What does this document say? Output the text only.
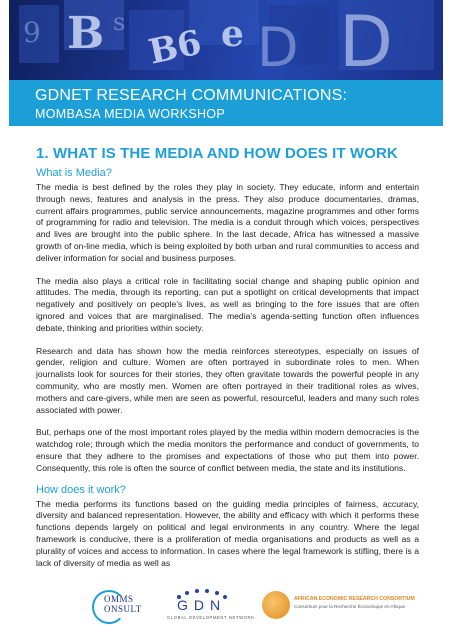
B B6 e D D
9	s
GDNET RESEARCH COMMUNICATIONS:
MOMBASA MEDIA WORKSHOP
1. WHAT IS THE MEDIA AND HOW DOES IT WORK
What is Media?

The media is best defined by the roles they play in society. They educate, inform and entertain through news, features and analysis in the press. They also produce documentaries, dramas, current affairs programmes, public service announcements, magazine programmes and other forms of programming for radio and television. The media is a conduit through which voices, perspectives and lives are brought into the public sphere. In the last decade, Africa has witnessed a massive growth of on-line media, which is being exploited by both urban and rural communities to access and deliver information for social and business purposes.

The media also plays a critical role in facilitating social change and shaping public opinion and attitudes. The media, through its reporting, can put a spotlight on critical developments that impact negatively and positively on people’s lives, as well as bringing to the fore issues that are often ignored and voices that are marginalised. The media’s agenda-setting function often influences debate, thinking and priorities within society.

Research and data has shown how the media reinforces stereotypes, especially on issues of gender, religion and culture. Women are often portrayed in subordinate roles to men. When journalists look for sources for their stories, they often gravitate towards the powerful people in any community, who are mostly men. Women are often portrayed in their traditional roles as wives, mothers and care-givers, while men are seen as powerful, resourceful, leaders and many such roles associated with power.

But, perhaps one of the most important roles played by the media within modern democracies is the watchdog role; through which the media monitors the performance and conduct of governments, to ensure that they adhere to the promises and expectations of those who put them into power. Consequently, this role is often the source of conflict between media, the state and its institutions.

How does it work?

The media performs its functions based on the guiding media principles of fairness, accuracy, diversity and balanced representation. However, the ability and efficacy with which it performs these functions depends largely on political and legal environments in any country. Where the legal framework is conducive, there is a proliferation of media organisations and products as well as a plurality of voices and access to information. In cases where the legal framework is stifling, there is a lack of diversity of media as well as

OMMS
ONSULT	GDN
GLOBAL DEVELOPMENT NETWORK
AFRICAN ECONOMIC RESEARCH CONSORTIUM
Consortium pour la Recherche Économique en Afrique
